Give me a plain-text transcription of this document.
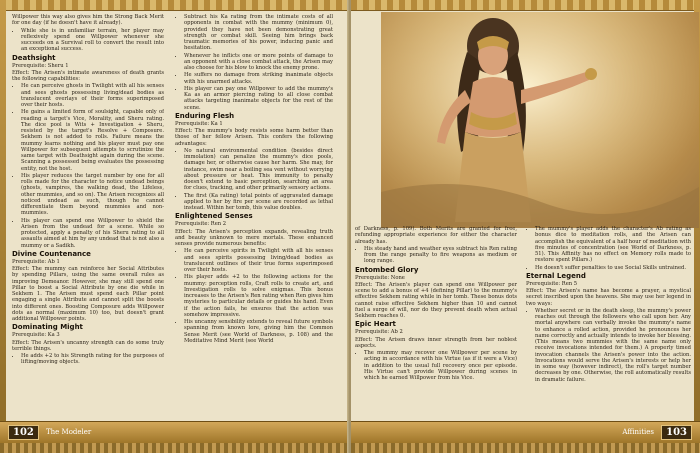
Willpower this way also gives him the Strong Back Merit for one day (if he doesn't have it already).

• While she is in unfamiliar terrain, her player may reflexively spend one Willpower whenever she succeeds on a Survival roll to convert the result into an exceptional success.
Deathsight

Prerequisite: Sheru 1

Effect: The Arisen's intimate awareness of death grants the following capabilities:

• He can perceive ghosts in Twilight with all his senses and sees ghosts possessing living/dead bodies as translucent overlays of their forms superimposed over their hosts.
• He gains a limited form of soulsight, capable only of reading a target's Vice, Morality, and Sheru rating. The dice pool is Wits + Investigation + Sheru, resisted by the target's Resolve + Composure. Sekhem is not added to rolls. Failure means the mummy learns nothing and his player must pay one Willpower for subsequent attempts to scrutinize the same target with Deathsight again during the scene. Scanning a possessed being evaluates the possessing entity, not the host.
• His player reduces the target number by one for all rolls made for the character to notice undead beings (ghosts, vampires, the walking dead, the Lifeless, other mummies, and so on). The Arisen recognizes all noticed undead as such, though he cannot differentiate them beyond mummies and non-mummies.
• His player can spend one Willpower to shield the Arisen from the undead for a scene. While so protected, apply a penalty of his Sheru rating to all assaults aimed at him by any undead that is not also a mummy or a Sadikh.
Divine Countenance

Prerequisite: Ab 1

Effect: The mummy can reinforce her Social Attributes by spending Pillars, using the same overall rules as improving Demeanor. However, she may still spend one Pillar to boost a Social Attribute by one die while in Sekhem 1. The Arisen must spend each Pillar point engaging a single Attribute and cannot split the boosts into different ones. Boosting Composure adds Willpower dots as normal (maximum 10) too, but doesn't grant additional Willpower points.

Dominating Might

Prerequisite: Ka 3

Effect: The Arisen's uncanny strength can do some truly terrible things.

• He adds +2 to his Strength rating for the purposes of lifting/moving objects.
• Subtract his Ka rating from the intimate costs of all opponents in combat with the mummy (minimum 0), provided they have not been demonstrating great strength or combat skill. Seeing him brings back traumatic memories of his power, inducing panic and hesitation.
• Whenever he inflicts one or more points of damage to an opponent with a close combat attack, the Arisen may also choose for his blow to knock the enemy prone.
• He suffers no damage from striking inanimate objects with his unarmed attacks.
• His player can pay one Willpower to add the mummy's Ka as an armor piercing rating to all close combat attacks targeting inanimate objects for the rest of the scene.
Enduring Flesh

Prerequisite: Ka 1

Effect: The mummy's body resists some harm better than those of her fellow Arisen. This confers the following advantages:

• No natural environmental condition (besides direct immolation) can penalize the mummy's dice pools, damage her, or otherwise cause her harm. She may, for instance, swim near a boiling sea vent without worrying about pressure or heat. This immunity to penalty doesn't extend to basic perception, searching an area for clues, tracking, and other primarily sensory actions.
• The first (Ka rating) total points of aggravated damage applied to her by fire per scene are recorded as lethal instead. Within her tomb, this value doubles.
Enlightened Senses

Prerequisite: Ren 2

Effect: The Arisen's perception expands, revealing truth and beauty unknown to mere mortals. These enhanced senses provide numerous benefits:

• He can perceive spirits in Twilight with all his senses and sees spirits possessing living/dead bodies as translucent outlines of their true forms superimposed over their hosts.
• His player adds +2 to the following actions for the mummy: perception rolls, Craft rolls to create art, and Investigation rolls to solve enigmas. This bonus increases to the Arisen's Ren rating when Ren gives him mysteries to particular details or guides his hand. Even if the action fails, he ensures that the action was somehow impressive.
• His uncanny sensibility extends to reveal future symbols spanning from known lore, giving him the Common Sense Merit (see World of Darkness, p. 108) and the Meditative Mind Merit (see World
102	The Modeler

of Darkness, p. 109). Both Merits are granted for free, refunding appropriate experience for either the character already has.

• His steady hand and weather eyes subtract his Ren rating from the range penalty to fire weapons as medium or long range.
Entombed Glory

Prerequisite: None

Effect: The Arisen's player can spend one Willpower per scene to add a bonus of +4 (defining Pillar) to the mummy's effective Sekhem rating while in her tomb. These bonus dots cannot raise effective Sekhem higher than 10 and cannot fuel a surge of will, nor do they prevent death when actual Sekhem reaches 0.

Epic Heart

Prerequisite: Ab 2

Effect: The Arisen draws inner strength from her noblest aspects.

• The mummy may recover one Willpower per scene by acting in accordance with his Virtue (as if it were a Vice) in addition to the usual full recovery once per episode. His Virtue can't provide Willpower during scenes in which he earned Willpower from his Vice.
• The mummy's player adds the character's Ab rating as bonus dice to meditation rolls, and the Arisen can accomplish the equivalent of a half hour of meditation with five minutes of concentration (see World of Darkness, p. 51). This Affinity has no effect on Memory rolls made to restore spent Pillars.)
• He doesn't suffer penalties to use Social Skills untrained.
Eternal Legend

Prerequisite: Ren 5

Effect: The Arisen's name has become a prayer, a mystical secret inscribed upon the heavens. She may use her legend in two ways:

• Whether secret or in the death sleep, the mummy's power reaches out through the followers who call upon her. Any mortal anywhere can verbally invoke the mummy's name to enhance a rolled action, provided he pronounces her name correctly and actually intends to invoke her blessing. (This means two mummies with the same name only receive invocations intended for them.) A properly timed invocation channels the Arisen's power into the action. Invocations would serve the Arisen's interests or help her in some way (however indirect), the roll's target number decreases by one. Otherwise, the roll automatically results in dramatic failure.
Affinities	103
